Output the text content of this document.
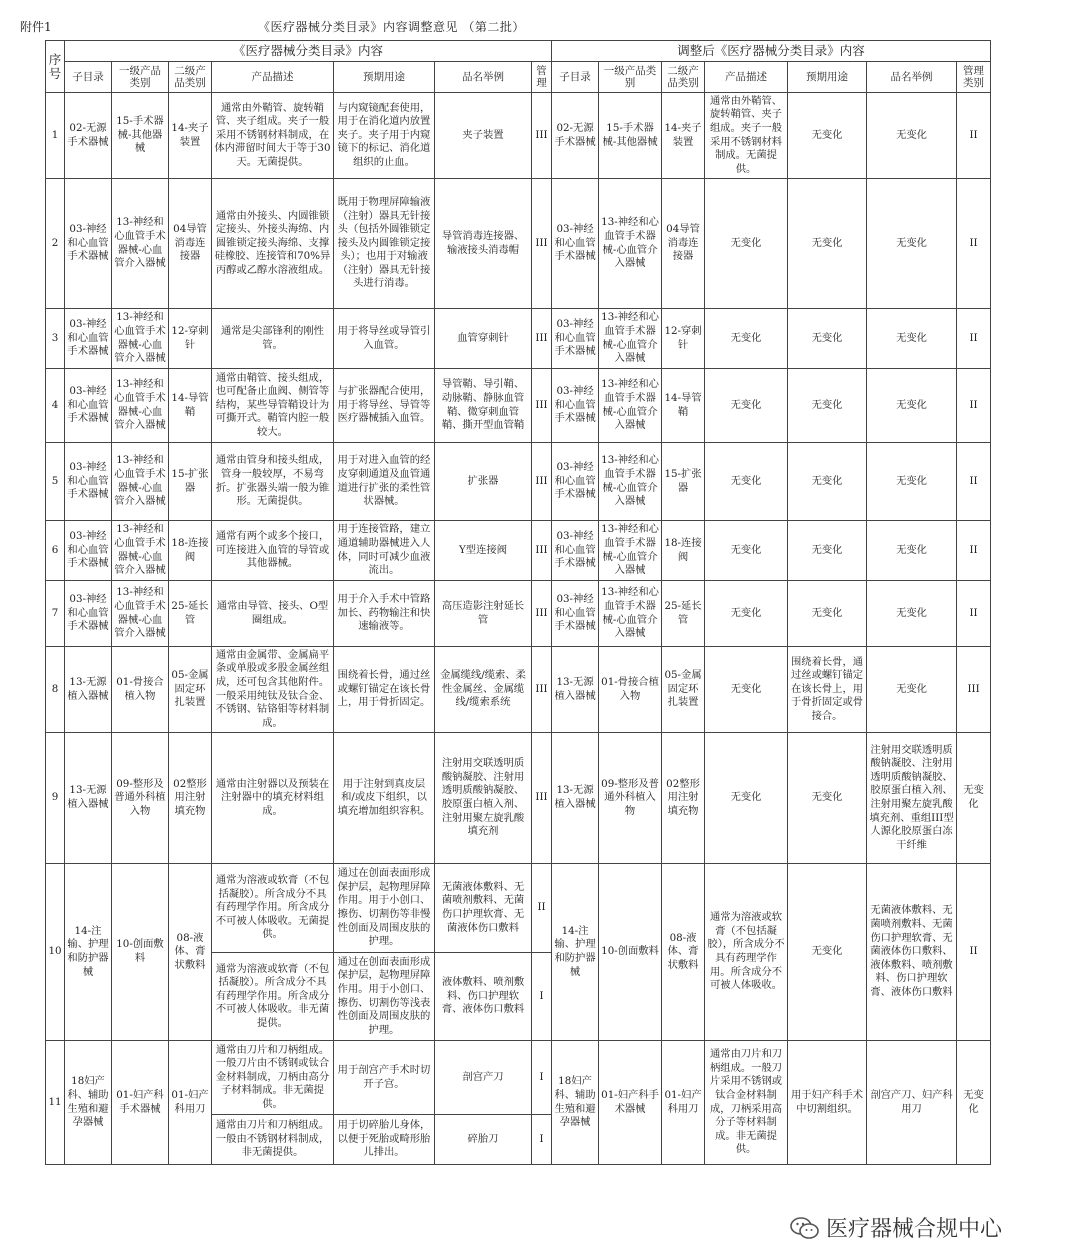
附件1	《医疗器械分类目录》内容调整意见 （第二批）
序号	《医疗器械分类目录》内容							调整后《医疗器械分类目录》内容						
	子目录	一级产品类别	二级产品类别	产品描述	预期用途	品名举例	管理	子目录	一级产品类别	二级产品类别	产品描述	预期用途	品名举例	管理类别
1	02-无源手术器械	15-手术器械-其他器械	14-夹子装置	通常由外鞘管、旋转鞘管、夹子组成。夹子一般采用不锈钢材料制成，在体内滞留时间大于等于30天。无菌提供。	与内窥镜配套使用，用于在消化道内放置夹子。夹子用于内窥镜下的标记、消化道组织的止血。	夹子装置	III	02-无源手术器械	15-手术器械-其他器械	14-夹子装置	通常由外鞘管、旋转鞘管、夹子组成。夹子一般采用不锈钢材料制成。无菌提供。	无变化	无变化	II
2	03-神经和心血管手术器械	13-神经和心血管手术器械-心血管介入器械	04导管消毒连接器	通常由外接头、内圆锥锁定接头、外接头海绵、内圆锥锁定接头海绵、支撑硅橡胶、连接管和70%异丙醇或乙醇水溶液组成。	既用于物理屏障输液（注射）器具无针接头（包括外圆锥锁定接头及内圆锥锁定接头）；也用于对输液（注射）器具无针接头进行消毒。	导管消毒连接器、输液接头消毒帽	III	03-神经和心血管手术器械	13-神经和心血管手术器械-心血管介入器械	04导管消毒连接器	无变化	无变化	无变化	II
3	03-神经和心血管手术器械	13-神经和心血管手术器械-心血管介入器械	12-穿刺针	通常是尖部锋利的刚性管。	用于将导丝或导管引入血管。	血管穿刺针	III	03-神经和心血管手术器械	13-神经和心血管手术器械-心血管介入器械	12-穿刺针	无变化	无变化	无变化	II
4	03-神经和心血管手术器械	13-神经和心血管手术器械-心血管介入器械	14-导管鞘	通常由鞘管、接头组成，也可配备止血阀、侧管等结构，某些导管鞘设计为可撕开式。鞘管内腔一般较大。	与扩张器配合使用，用于将导丝、导管等医疗器械插入血管。	导管鞘、导引鞘、动脉鞘、静脉血管鞘、微穿刺血管鞘、撕开型血管鞘	III	03-神经和心血管手术器械	13-神经和心血管手术器械-心血管介入器械	14-导管鞘	无变化	无变化	无变化	II
5	03-神经和心血管手术器械	13-神经和心血管手术器械-心血管介入器械	15-扩张器	通常由管身和接头组成，管身一般较厚，不易弯折。扩张器头端一般为锥形。无菌提供。	用于对进入血管的经皮穿刺通道及血管通道进行扩张的柔性管状器械。	扩张器	III	03-神经和心血管手术器械	13-神经和心血管手术器械-心血管介入器械	15-扩张器	无变化	无变化	无变化	II
6	03-神经和心血管手术器械	13-神经和心血管手术器械-心血管介入器械	18-连接阀	通常有两个或多个接口，可连接进入血管的导管或其他器械。	用于连接管路，建立通道辅助器械进入人体，同时可减少血液流出。	Y型连接阀	III	03-神经和心血管手术器械	13-神经和心血管手术器械-心血管介入器械	18-连接阀	无变化	无变化	无变化	II
7	03-神经和心血管手术器械	13-神经和心血管手术器械-心血管介入器械	25-延长管	通常由导管、接头、O型圈组成。	用于介入手术中管路加长、药物输注和快速输液等。	高压造影注射延长管	III	03-神经和心血管手术器械	13-神经和心血管手术器械-心血管介入器械	25-延长管	无变化	无变化	无变化	II
8	13-无源植入器械	01-骨接合植入物	05-金属固定环扎装置	通常由金属带、金属扁平条或单股或多股金属丝组成，还可包含其他附件。一般采用纯钛及钛合金、不锈钢、钴铬钼等材料制成。	围绕着长骨，通过丝或螺钉锚定在该长骨上，用于骨折固定。	金属缆线/缆索、柔性金属丝、金属缆线/缆索系统	III	13-无源植入器械	01-骨接合植入物	05-金属固定环扎装置	无变化	围绕着长骨，通过丝或螺钉锚定在该长骨上，用于骨折固定或骨接合。	无变化	III
9	13-无源植入器械	09-整形及普通外科植入物	02整形用注射填充物	通常由注射器以及预装在注射器中的填充材料组成。	用于注射到真皮层和/或皮下组织，以填充增加组织容积。	注射用交联透明质酸钠凝胶、注射用透明质酸钠凝胶、胶原蛋白植入剂、注射用聚左旋乳酸填充剂	III	13-无源植入器械	09-整形及普通外科植入物	02整形用注射填充物	无变化	无变化	注射用交联透明质酸钠凝胶、注射用透明质酸钠凝胶、胶原蛋白植入剂、注射用聚左旋乳酸填充剂、重组III型人源化胶原蛋白冻干纤维	无变化
10	14-注输、护理和防护器械	10-创面敷料	08-液体、膏状敷料	通常为溶液或软膏（不包括凝胶）。所含成分不具有药理学作用。所含成分不可被人体吸收。无菌提供。	通过在创面表面形成保护层，起物理屏障作用。用于小创口、擦伤、切割伤等非慢性创面及周围皮肤的护理。	无菌液体敷料、无菌喷剂敷料、无菌伤口护理软膏、无菌液体伤口敷料	II	14-注输、护理和防护器械	10-创面敷料	08-液体、膏状敷料	通常为溶液或软膏（不包括凝胶），所含成分不具有药理学作用。所含成分不可被人体吸收。	无变化	无菌液体敷料、无菌喷剂敷料、无菌伤口护理软膏、无菌液体伤口敷料、液体敷料、喷剂敷料、伤口护理软膏、液体伤口敷料	II
				通常为溶液或软膏（不包括凝胶）。所含成分不具有药理学作用。所含成分不可被人体吸收。非无菌提供。	通过在创面表面形成保护层，起物理屏障作用。用于小创口、擦伤、切割伤等浅表性创面及周围皮肤的护理。	液体敷料、喷剂敷料、伤口护理软膏、液体伤口敷料	I							
11	18妇产科、辅助生殖和避孕器械	01-妇产科手术器械	01-妇产科用刀	通常由刀片和刀柄组成。一般刀片由不锈钢或钛合金材料制成，刀柄由高分子材料制成。非无菌提供。	用于剖宫产手术时切开子宫。	剖宫产刀	I	18妇产科、辅助生殖和避孕器械	01-妇产科手术器械	01-妇产科用刀	通常由刀片和刀柄组成。一般刀片采用不锈钢或钛合金材料制成，刀柄采用高分子等材料制成。非无菌提供。	用于妇产科手术中切割组织。	剖宫产刀、妇产科用刀	无变化
				通常由刀片和刀柄组成。一般由不锈钢材料制成，非无菌提供。	用于切碎胎儿身体，以便于死胎或畸形胎儿排出。	碎胎刀	I							
医疗器械合规中心
